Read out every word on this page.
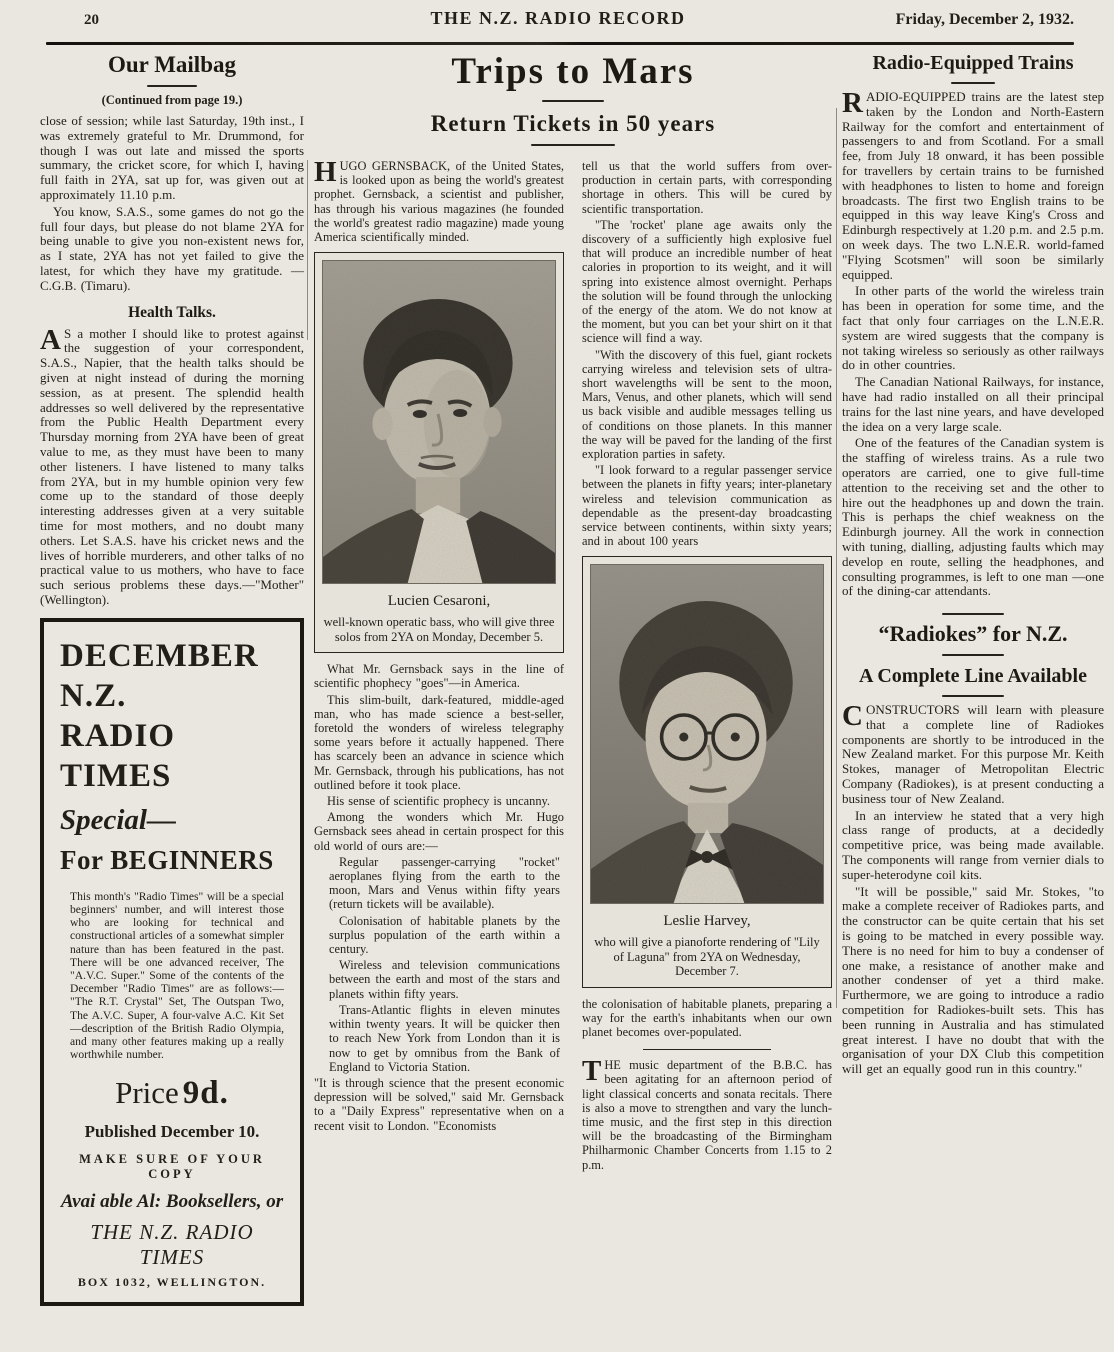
20	THE N.Z. RADIO RECORD	Friday, December 2, 1932.
Our Mailbag
(Continued from page 19.)

close of session; while last Saturday, 19th inst., I was extremely grateful to Mr. Drummond, for though I was out late and missed the sports summary, the cricket score, for which I, having full faith in 2YA, sat up for, was given out at approximately 11.10 p.m.

You know, S.A.S., some games do not go the full four days, but please do not blame 2YA for being unable to give you non-existent news for, as I state, 2YA has not yet failed to give the latest, for which they have my gratitude. —C.G.B. (Timaru).

Health Talks.

A S a mother I should like to protest against the suggestion of your correspondent, S.A.S., Napier, that the health talks should be given at night instead of during the morning session, as at present. The splendid health addresses so well delivered by the representative from the Public Health Department every Thursday morning from 2YA have been of great value to me, as they must have been to many other listeners. I have listened to many talks from 2YA, but in my humble opinion very few come up to the standard of those deeply interesting addresses given at a very suitable time for most mothers, and no doubt many others. Let S.A.S. have his cricket news and the lives of horrible murderers, and other talks of no practical value to us mothers, who have to face such serious problems these days.—"Mother" (Wellington).

DECEMBER
N.Z.
RADIO TIMES
Special—
For BEGINNERS

This month's "Radio Times" will be a special beginners' number, and will interest those who are looking for technical and constructional articles of a somewhat simpler nature than has been featured in the past. There will be one advanced receiver, The "A.V.C. Super." Some of the contents of the December "Radio Times" are as follows:— "The R.T. Crystal" Set, The Outspan Two, The A.V.C. Super, A four-valve A.C. Kit Set—description of the British Radio Olympia, and many other features making up a really worthwhile number.

Price 9d.
Published December 10.
MAKE SURE OF YOUR COPY
Avai able Al: Booksellers, or
THE N.Z. RADIO TIMES
BOX 1032, WELLINGTON.
Trips to Mars
Return Tickets in 50 years

HUGO GERNSBACK, of the United States, is looked upon as being the world's greatest prophet. Gernsback, a scientist and publisher, has through his various magazines (he founded the world's greatest radio magazine) made young America scientifically minded.

Lucien Cesaroni,
well-known operatic bass, who will give three solos from 2YA on Monday, December 5.

What Mr. Gernsback says in the line of scientific phophecy "goes"—in America.

This slim-built, dark-featured, middle-aged man, who has made science a best-seller, foretold the wonders of wireless telegraphy some years before it actually happened. There has scarcely been an advance in science which Mr. Gernsback, through his publications, has not outlined before it took place.

His sense of scientific prophecy is uncanny.

Among the wonders which Mr. Hugo Gernsback sees ahead in certain prospect for this old world of ours are:—

Regular passenger-carrying "rocket" aeroplanes flying from the earth to the moon, Mars and Venus within fifty years (return tickets will be available).

Colonisation of habitable planets by the surplus population of the earth within a century.

Wireless and television communications between the earth and most of the stars and planets within fifty years.

Trans-Atlantic flights in eleven minutes within twenty years. It will be quicker then to reach New York from London than it is now to get by omnibus from the Bank of England to Victoria Station.

"It is through science that the present economic depression will be solved," said Mr. Gernsback to a "Daily Express" representative when on a recent visit to London. "Economists

tell us that the world suffers from over-production in certain parts, with corresponding shortage in others. This will be cured by scientific transportation.

"The 'rocket' plane age awaits only the discovery of a sufficiently high explosive fuel that will produce an incredible number of heat calories in proportion to its weight, and it will spring into existence almost overnight. Perhaps the solution will be found through the unlocking of the energy of the atom. We do not know at the moment, but you can bet your shirt on it that science will find a way.

"With the discovery of this fuel, giant rockets carrying wireless and television sets of ultra-short wavelengths will be sent to the moon, Mars, Venus, and other planets, which will send us back visible and audible messages telling us of conditions on those planets. In this manner the way will be paved for the landing of the first exploration parties in safety.

"I look forward to a regular passenger service between the planets in fifty years; inter-planetary wireless and television communication as dependable as the present-day broadcasting service between continents, within sixty years; and in about 100 years

Leslie Harvey,
who will give a pianoforte rendering of "Lily of Laguna" from 2YA on Wednesday, December 7.

the colonisation of habitable planets, preparing a way for the earth's inhabitants when our own planet becomes over-populated.

THE music department of the B.B.C. has been agitating for an afternoon period of light classical concerts and sonata recitals. There is also a move to strengthen and vary the lunch-time music, and the first step in this direction will be the broadcasting of the Birmingham Philharmonic Chamber Concerts from 1.15 to 2 p.m.

Radio-Equipped Trains

RADIO-EQUIPPED trains are the latest step taken by the London and North-Eastern Railway for the comfort and entertainment of passengers to and from Scotland. For a small fee, from July 18 onward, it has been possible for travellers by certain trains to be furnished with headphones to listen to home and foreign broadcasts. The first two English trains to be equipped in this way leave King's Cross and Edinburgh respectively at 1.20 p.m. and 2.5 p.m. on week days. The two L.N.E.R. world-famed "Flying Scotsmen" will soon be similarly equipped.

In other parts of the world the wireless train has been in operation for some time, and the fact that only four carriages on the L.N.E.R. system are wired suggests that the company is not taking wireless so seriously as other railways do in other countries.

The Canadian National Railways, for instance, have had radio installed on all their principal trains for the last nine years, and have developed the idea on a very large scale.

One of the features of the Canadian system is the staffing of wireless trains. As a rule two operators are carried, one to give full-time attention to the receiving set and the other to hire out the headphones up and down the train. This is perhaps the chief weakness on the Edinburgh journey. All the work in connection with tuning, dialling, adjusting faults which may develop en route, selling the headphones, and consulting programmes, is left to one man —one of the dining-car attendants.

“Radiokes” for N.Z.
A Complete Line Available

CONSTRUCTORS will learn with pleasure that a complete line of Radiokes components are shortly to be introduced in the New Zealand market. For this purpose Mr. Keith Stokes, manager of Metropolitan Electric Company (Radiokes), is at present conducting a business tour of New Zealand.

In an interview he stated that a very high class range of products, at a decidedly competitive price, was being made available. The components will range from vernier dials to super-heterodyne coil kits.

"It will be possible," said Mr. Stokes, "to make a complete receiver of Radiokes parts, and the constructor can be quite certain that his set is going to be matched in every possible way. There is no need for him to buy a condenser of one make, a resistance of another make and another condenser of yet a third make. Furthermore, we are going to introduce a radio competition for Radiokes-built sets. This has been running in Australia and has stimulated great interest. I have no doubt that with the organisation of your DX Club this competition will get an equally good run in this country."
